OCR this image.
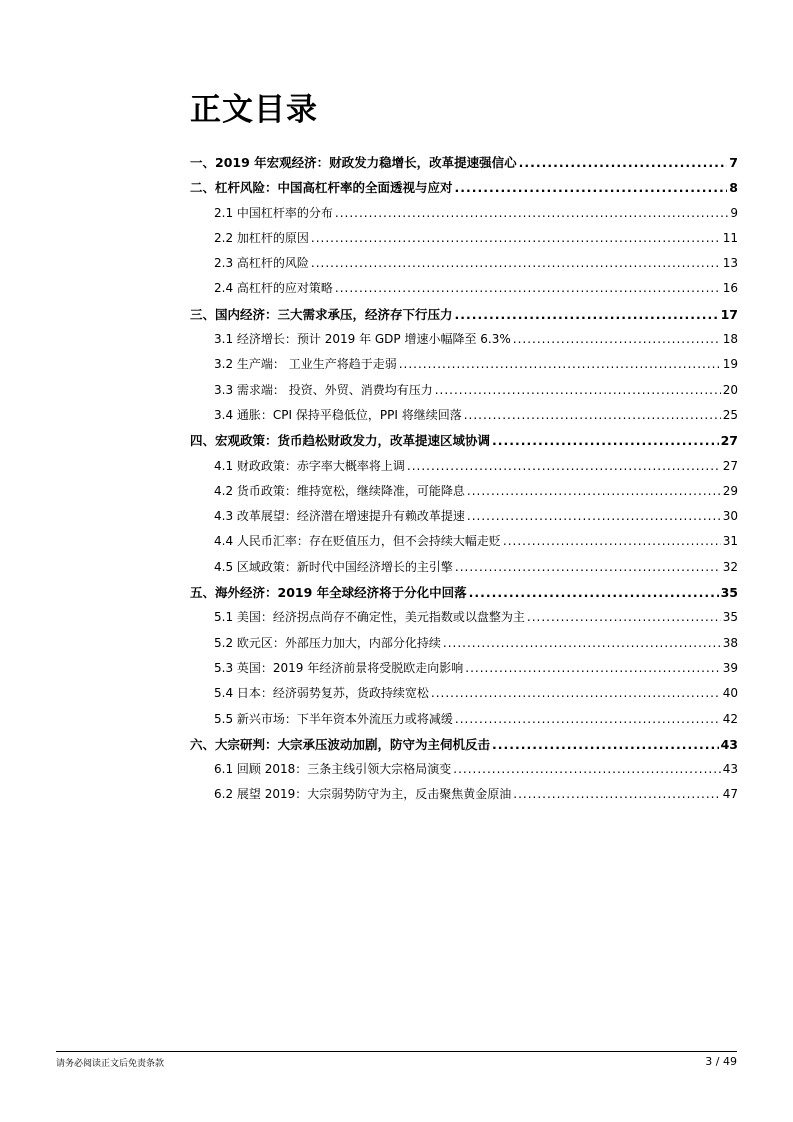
正文目录
一、2019 年宏观经济：财政发力稳增长，改革提速强信心 .....	7
二、杠杆风险：中国高杠杆率的全面透视与应对 .....	8
2.1 中国杠杆率的分布 .....	9
2.2 加杠杆的原因 .....	11
2.3 高杠杆的风险 .....	13
2.4 高杠杆的应对策略 .....	16
三、国内经济：三大需求承压，经济存下行压力 .....	17
3.1 经济增长：预计 2019 年 GDP 增速小幅降至 6.3% .....	18
3.2 生产端： 工业生产将趋于走弱 .....	19
3.3 需求端： 投资、外贸、消费均有压力 .....	20
3.4 通胀：CPI 保持平稳低位，PPI 将继续回落 .....	25
四、宏观政策：货币趋松财政发力，改革提速区域协调 .....	27
4.1 财政政策：赤字率大概率将上调 .....	27
4.2 货币政策：维持宽松，继续降准，可能降息 .....	29
4.3 改革展望：经济潜在增速提升有赖改革提速 .....	30
4.4 人民币汇率：存在贬值压力，但不会持续大幅走贬 .....	31
4.5 区域政策：新时代中国经济增长的主引擎 .....	32
五、海外经济：2019 年全球经济将于分化中回落 .....	35
5.1 美国：经济拐点尚存不确定性，美元指数或以盘整为主 .....	35
5.2 欧元区：外部压力加大，内部分化持续 .....	38
5.3 英国：2019 年经济前景将受脱欧走向影响 .....	39
5.4 日本：经济弱势复苏，货政持续宽松 .....	40
5.5 新兴市场：下半年资本外流压力或将减缓 .....	42
六、大宗研判：大宗承压波动加剧，防守为主伺机反击 .....	43
6.1 回顾 2018：三条主线引领大宗格局演变 .....	43
6.2 展望 2019：大宗弱势防守为主，反击聚焦黄金原油 .....	47
请务必阅读正文后免责条款	3 / 49
